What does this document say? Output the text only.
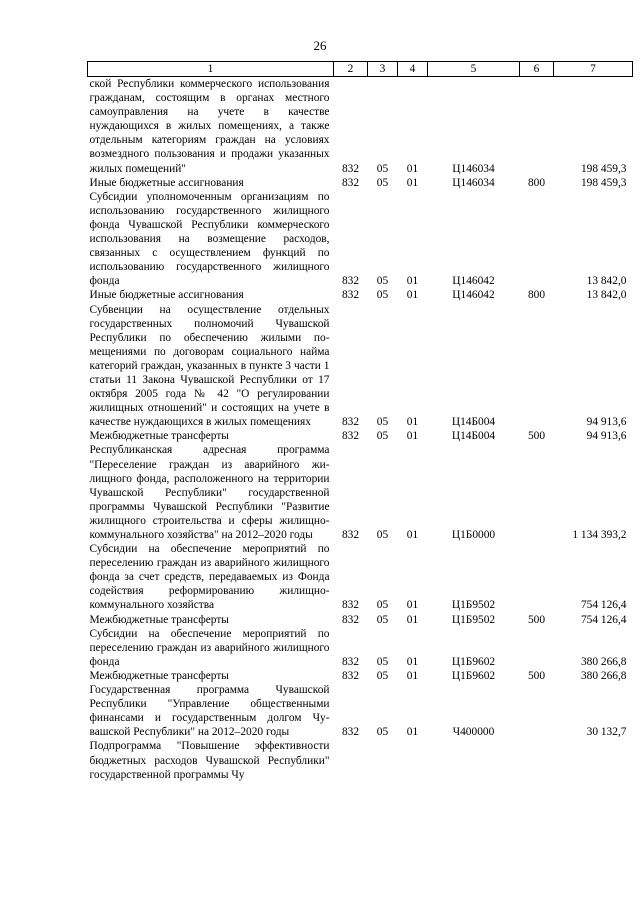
26
1	2	3	4	5	6	7
ской Республики коммерческого использования гражданам, состоящим в органах местного самоуправления на учете в качестве нуждающихся в жилых помещениях, а также отдельным категориям граждан на условиях возмездного пользования и продажи указанных жилых помещений"	832	05	01	Ц146034		198 459,3
Иные бюджетные ассигнования	832	05	01	Ц146034	800	198 459,3
Субсидии уполномоченным организациям по использованию государственного жилищного фонда Чувашской Республики коммерческого использования на возмещение расходов, связанных с осуществлением функций по использованию государственного жилищного фонда	832	05	01	Ц146042		13 842,0
Иные бюджетные ассигнования	832	05	01	Ц146042	800	13 842,0
Субвенции на осуществление отдельных государственных полномочий Чувашской Республики по обеспечению жилыми помещениями по договорам социального найма категорий граждан, указанных в пункте 3 части 1 статьи 11 Закона Чувашской Республики от 17 октября 2005 года № 42 "О регулировании жилищных отношений" и состоящих на учете в качестве нуждающихся в жилых помещениях	832	05	01	Ц14Б004		94 913,6
Межбюджетные трансферты	832	05	01	Ц14Б004	500	94 913,6
Республиканская адресная программа "Переселение граждан из аварийного жилищного фонда, расположенного на территории Чувашской Республики" государственной программы Чувашской Республики "Развитие жилищного строительства и сферы жилищно-коммунального хозяйства" на 2012–2020 годы	832	05	01	Ц1Б0000		1 134 393,2
Субсидии на обеспечение мероприятий по переселению граждан из аварийного жилищного фонда за счет средств, передаваемых из Фонда содействия реформированию жилищно-коммунального хозяйства	832	05	01	Ц1Б9502		754 126,4
Межбюджетные трансферты	832	05	01	Ц1Б9502	500	754 126,4
Субсидии на обеспечение мероприятий по переселению граждан из аварийного жилищного фонда	832	05	01	Ц1Б9602		380 266,8
Межбюджетные трансферты	832	05	01	Ц1Б9602	500	380 266,8
Государственная программа Чувашской Республики "Управление общественными финансами и государственным долгом Чувашской Республики" на 2012–2020 годы	832	05	01	Ч400000		30 132,7
Подпрограмма "Повышение эффективности бюджетных расходов Чувашской Республики" государственной программы Чу						
